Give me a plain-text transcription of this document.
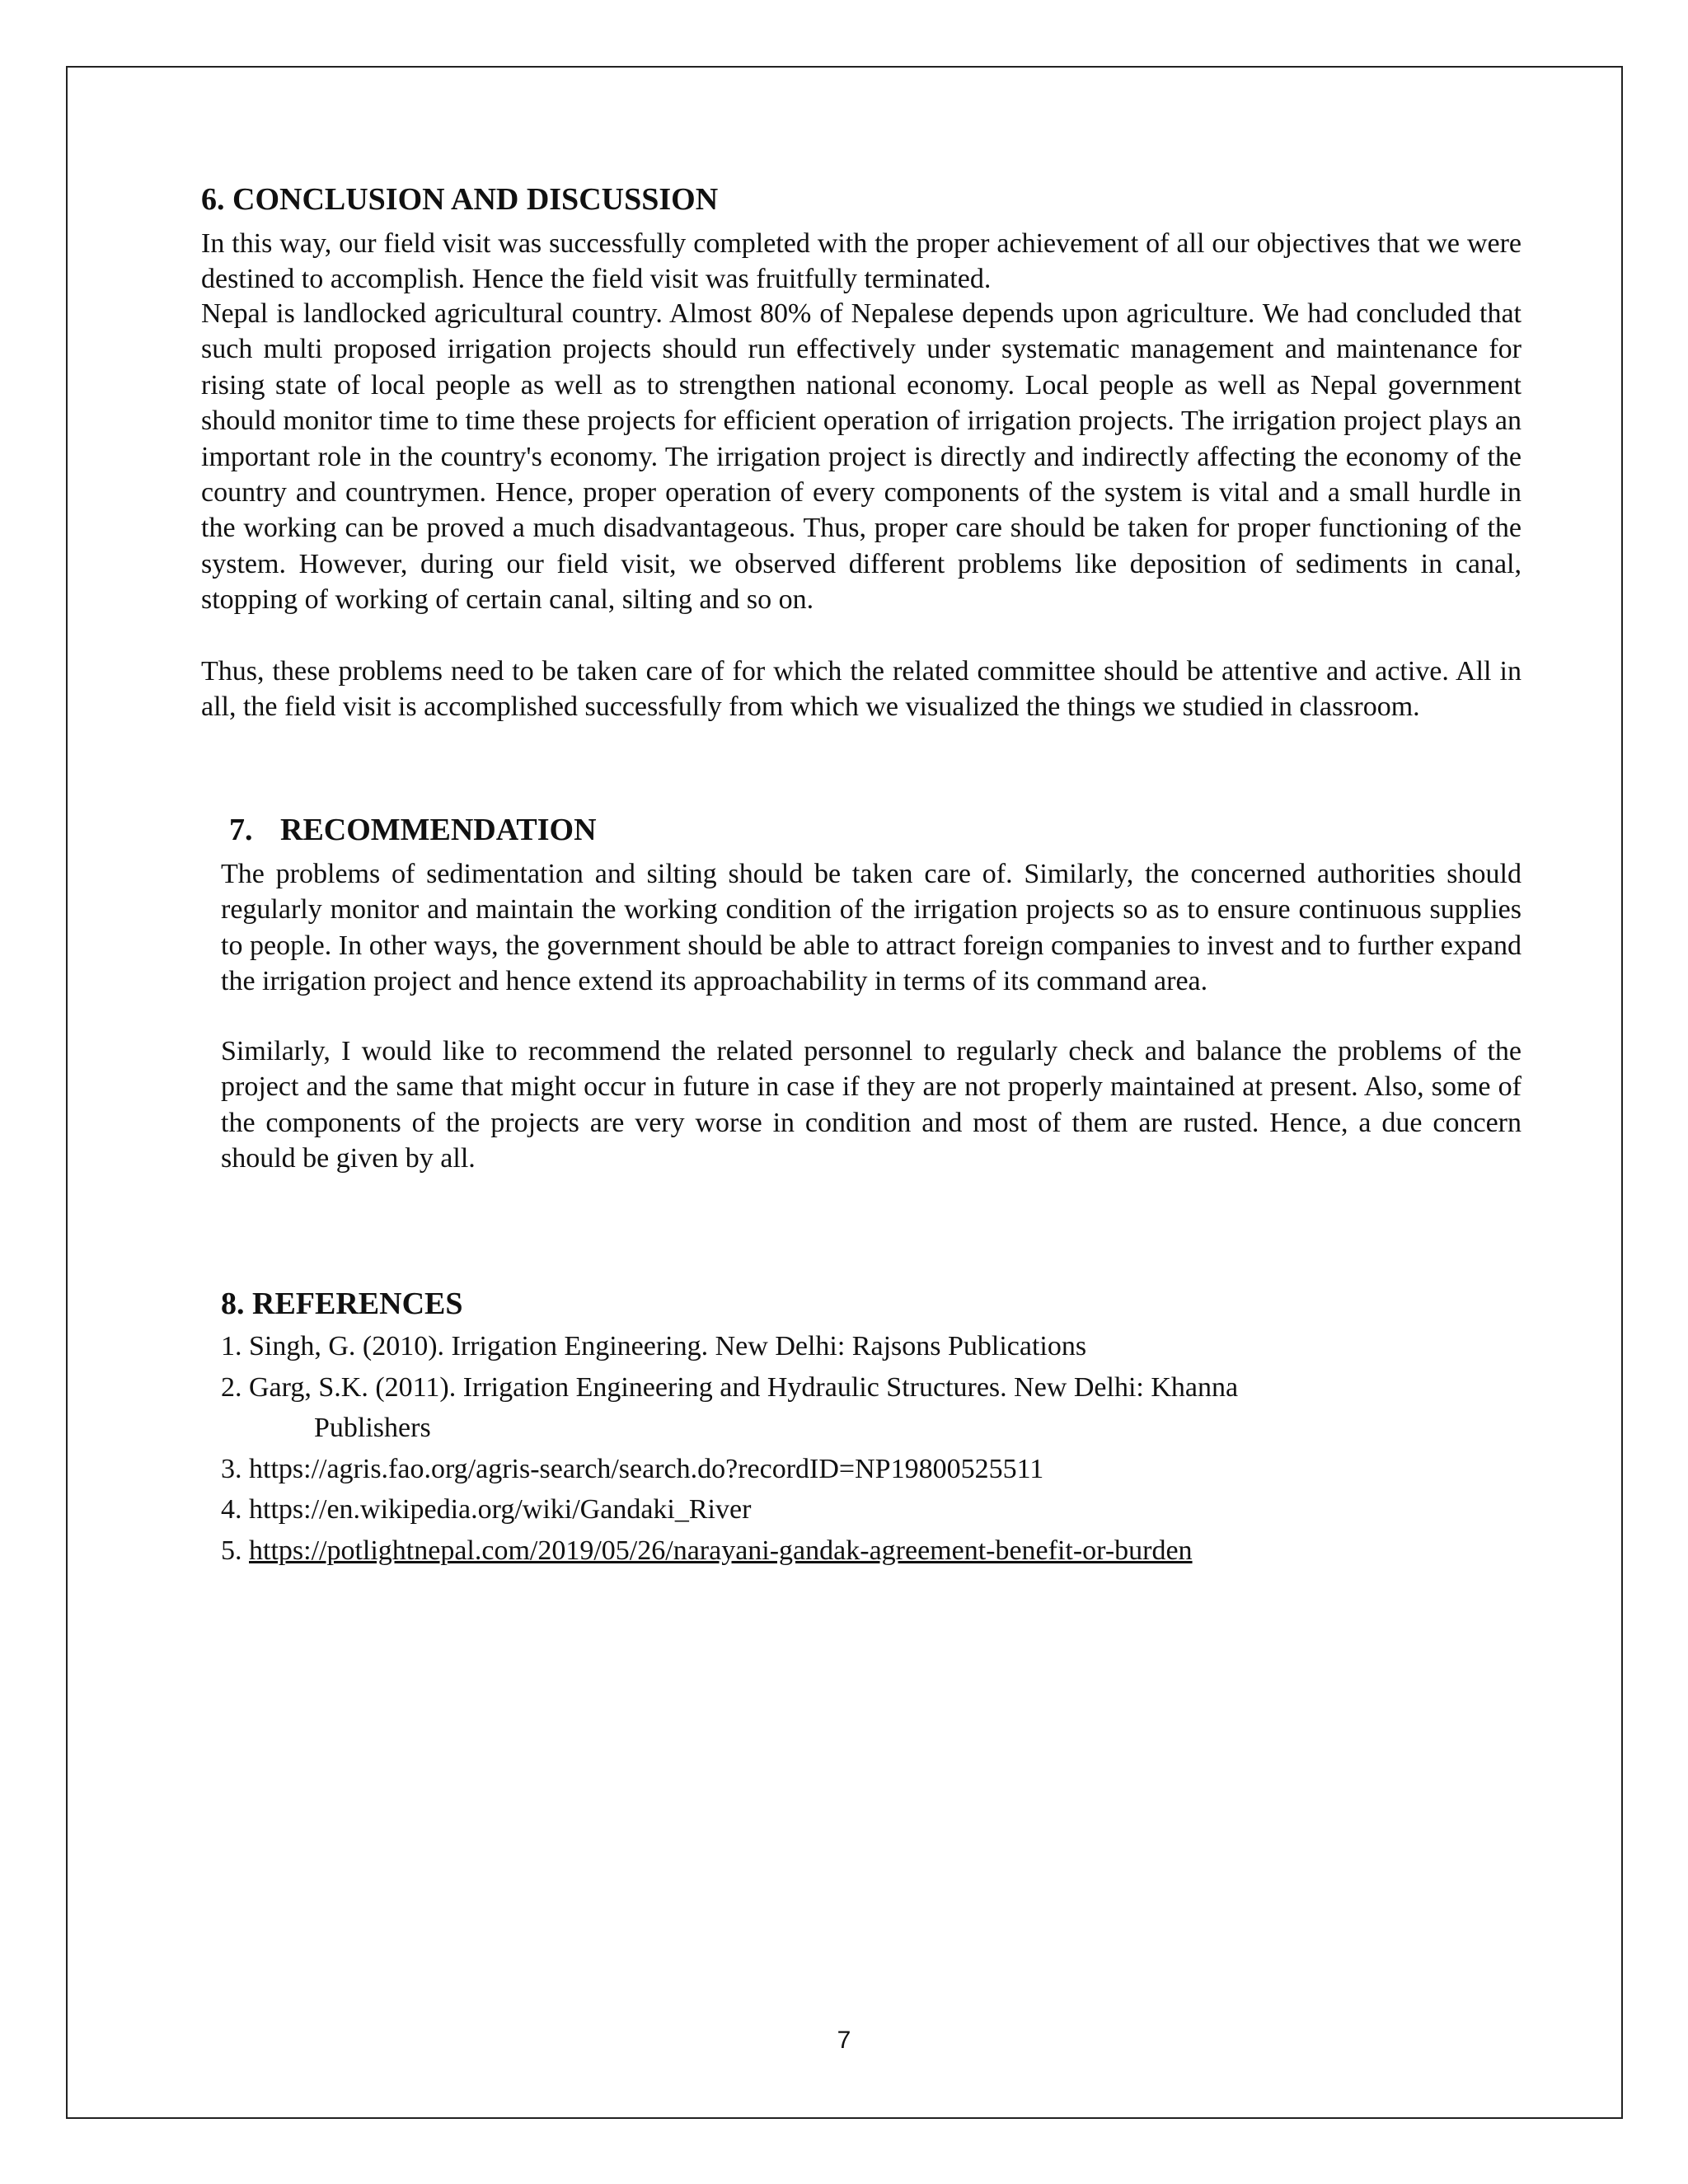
6. CONCLUSION AND DISCUSSION

In this way, our field visit was successfully completed with the proper achievement of all our objectives that we were destined to accomplish. Hence the field visit was fruitfully terminated.

Nepal is landlocked agricultural country. Almost 80% of Nepalese depends upon agriculture. We had concluded that such multi proposed irrigation projects should run effectively under systematic management and maintenance for rising state of local people as well as to strengthen national economy. Local people as well as Nepal government should monitor time to time these projects for efficient operation of irrigation projects. The irrigation project plays an important role in the country's economy. The irrigation project is directly and indirectly affecting the economy of the country and countrymen. Hence, proper operation of every components of the system is vital and a small hurdle in the working can be proved a much disadvantageous. Thus, proper care should be taken for proper functioning of the system. However, during our field visit, we observed different problems like deposition of sediments in canal, stopping of working of certain canal, silting and so on.

Thus, these problems need to be taken care of for which the related committee should be attentive and active. All in all, the field visit is accomplished successfully from which we visualized the things we studied in classroom.

7. RECOMMENDATION

The problems of sedimentation and silting should be taken care of. Similarly, the concerned authorities should regularly monitor and maintain the working condition of the irrigation projects so as to ensure continuous supplies to people. In other ways, the government should be able to attract foreign companies to invest and to further expand the irrigation project and hence extend its approachability in terms of its command area.

Similarly, I would like to recommend the related personnel to regularly check and balance the problems of the project and the same that might occur in future in case if they are not properly maintained at present. Also, some of the components of the projects are very worse in condition and most of them are rusted. Hence, a due concern should be given by all.

8. REFERENCES
1. Singh, G. (2010). Irrigation Engineering. New Delhi: Rajsons Publications
2. Garg, S.K. (2011). Irrigation Engineering and Hydraulic Structures. New Delhi: Khanna
Publishers
3. https://agris.fao.org/agris-search/search.do?recordID=NP19800525511
4. https://en.wikipedia.org/wiki/Gandaki_River
5. https://potlightnepal.com/2019/05/26/narayani-gandak-agreement-benefit-or-burden
7
